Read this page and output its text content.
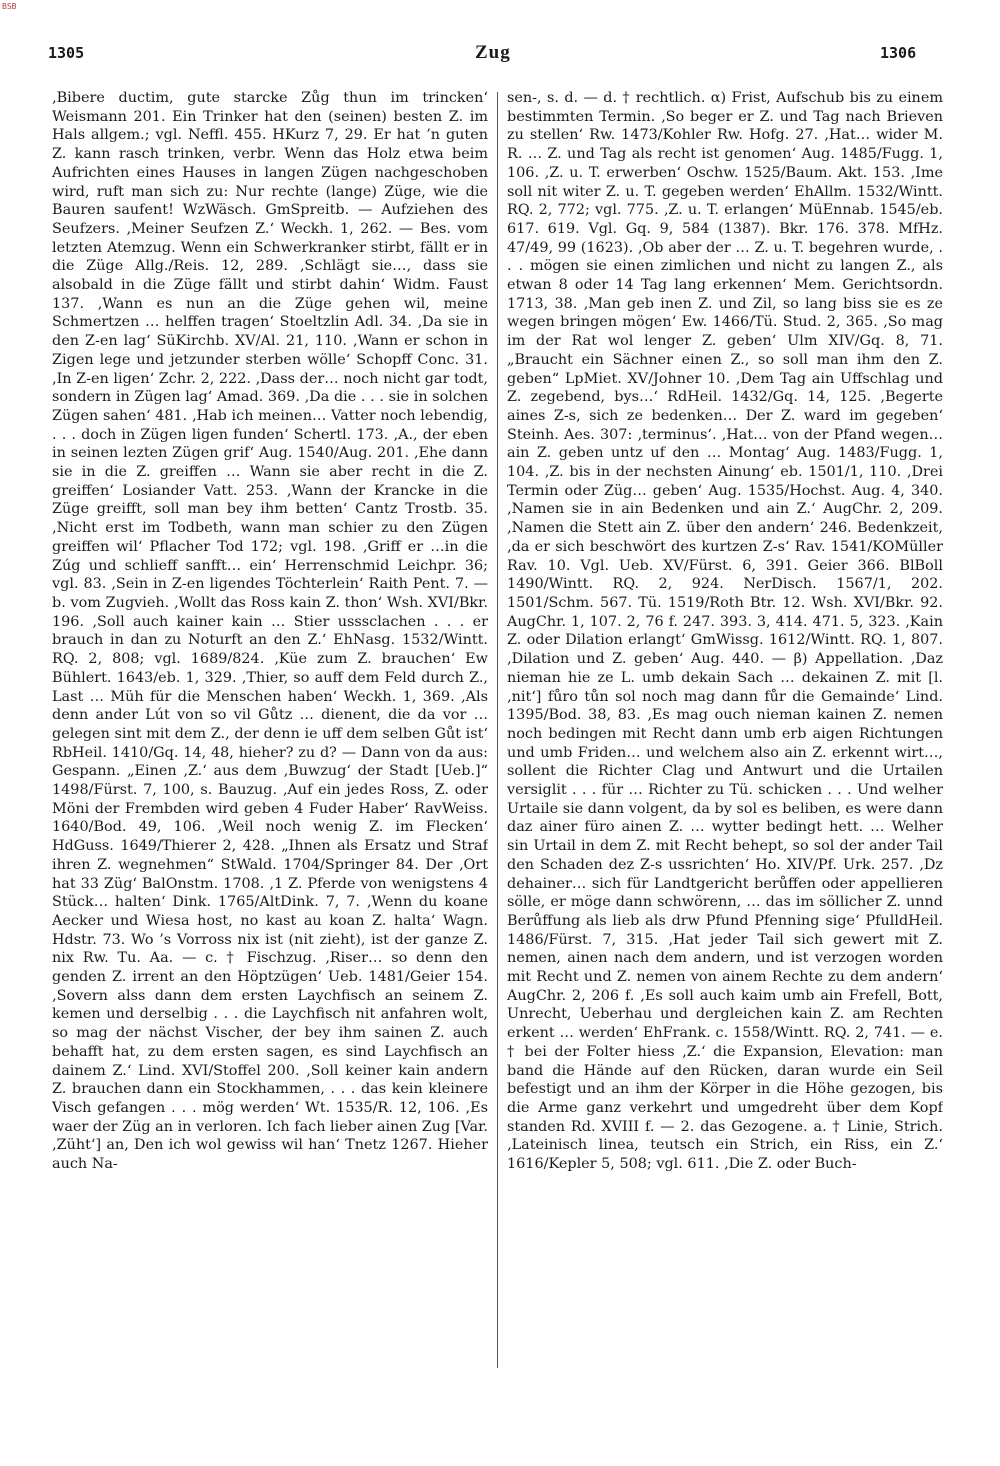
BSB
1305	Zug	1306

‚Bibere ductim, gute starcke Zůg thun im trincken‘ Weismann 201. Ein Trinker hat den (seinen) besten Z. im Hals allgem.; vgl. Neffl. 455. HKurz 7, 29. Er hat ’n guten Z. kann rasch trinken, verbr. Wenn das Holz etwa beim Aufrichten eines Hauses in langen Zügen nachgeschoben wird, ruft man sich zu: Nur rechte (lange) Züge, wie die Bauren saufent! WzWäsch. GmSpreitb. — Aufziehen des Seufzers. ‚Meiner Seufzen Z.‘ Weckh. 1, 262. — Bes. vom letzten Atemzug. Wenn ein Schwerkranker stirbt, fällt er in die Züge Allg./Reis. 12, 289. ‚Schlägt sie…, dass sie alsobald in die Züge fällt und stirbt dahin‘ Widm. Faust 137. ‚Wann es nun an die Züge gehen wil, meine Schmertzen … helffen tragen‘ Stoeltzlin Adl. 34. ‚Da sie in den Z-en lag‘ SüKirchb. XV/Al. 21, 110. ‚Wann er schon in Zigen lege und jetzunder sterben wölle‘ Schopff Conc. 31. ‚In Z-en ligen‘ Zchr. 2, 222. ‚Dass der… noch nicht gar todt, sondern in Zügen lag‘ Amad. 369. ‚Da die . . . sie in solchen Zügen sahen‘ 481. ‚Hab ich meinen… Vatter noch lebendig, . . . doch in Zügen ligen funden‘ Schertl. 173. ‚A., der eben in seinen lezten Zügen grif‘ Aug. 1540/Aug. 201. ‚Ehe dann sie in die Z. greiffen … Wann sie aber recht in die Z. greiffen‘ Losiander Vatt. 253. ‚Wann der Krancke in die Züge greifft, soll man bey ihm betten‘ Cantz Trostb. 35. ‚Nicht erst im Todbeth, wann man schier zu den Zügen greiffen wil‘ Pflacher Tod 172; vgl. 198. ‚Griff er …in die Zúg und schlieff sanfft… ein‘ Herrenschmid Leichpr. 36; vgl. 83. ‚Sein in Z-en ligendes Töchterlein‘ Raith Pent. 7. — b. vom Zugvieh. ‚Wollt das Ross kain Z. thon‘ Wsh. XVI/Bkr. 196. ‚Soll auch kainer kain … Stier usssclachen . . . er brauch in dan zu Noturft an den Z.‘ EhNasg. 1532/Wintt. RQ. 2, 808; vgl. 1689/824. ‚Küe zum Z. brauchen‘ Ew Bühlert. 1643/eb. 1, 329. ‚Thier, so auff dem Feld durch Z., Last … Müh für die Menschen haben‘ Weckh. 1, 369. ‚Als denn ander Lút von so vil Gůtz … dienent, die da vor … gelegen sint mit dem Z., der denn ie uff dem selben Gůt ist‘ RbHeil. 1410/Gq. 14, 48, hieher? zu d? — Dann von da aus: Gespann. „Einen ‚Z.‘ aus dem ‚Buwzug‘ der Stadt [Ueb.]“ 1498/Fürst. 7, 100, s. Bauzug. ‚Auf ein jedes Ross, Z. oder Möni der Frembden wird geben 4 Fuder Haber‘ RavWeiss. 1640/Bod. 49, 106. ‚Weil noch wenig Z. im Flecken‘ HdGuss. 1649/Thierer 2, 428. „Ihnen als Ersatz und Straf ihren Z. wegnehmen“ StWald. 1704/Springer 84. Der ‚Ort hat 33 Züg‘ BalOnstm. 1708. ‚1 Z. Pferde von wenigstens 4 Stück… halten‘ Dink. 1765/AltDink. 7, 7. ‚Wenn du koane Aecker und Wiesa host, no kast au koan Z. halta‘ Wagn. Hdstr. 73. Wo ’s Vorross nix ist (nit zieht), ist der ganze Z. nix Rw. Tu. Aa. — c. † Fischzug. ‚Riser… so denn den genden Z. irrent an den Höptzügen‘ Ueb. 1481/Geier 154. ‚Sovern alss dann dem ersten Laychfisch an seinem Z. kemen und derselbig . . . die Laychfisch nit anfahren wolt, so mag der nächst Vischer, der bey ihm sainen Z. auch behafft hat, zu dem ersten sagen, es sind Laychfisch an dainem Z.‘ Lind. XVI/Stoffel 200. ‚Soll keiner kain andern Z. brauchen dann ein Stockhammen, . . . das kein kleinere Visch gefangen . . . mög werden‘ Wt. 1535/R. 12, 106. ‚Es waer der Züg an in verloren. Ich fach lieber ainen Zug [Var. ‚Züht‘] an, Den ich wol gewiss wil han‘ Tnetz 1267. Hieher auch Na-

sen-, s. d. — d. † rechtlich. α) Frist, Aufschub bis zu einem bestimmten Termin. ‚So beger er Z. und Tag nach Brieven zu stellen‘ Rw. 1473/Kohler Rw. Hofg. 27. ‚Hat… wider M. R. … Z. und Tag als recht ist genomen‘ Aug. 1485/Fugg. 1, 106. ‚Z. u. T. erwerben‘ Oschw. 1525/Baum. Akt. 153. ‚Ime soll nit witer Z. u. T. gegeben werden‘ EhAllm. 1532/Wintt. RQ. 2, 772; vgl. 775. ‚Z. u. T. erlangen‘ MüEnnab. 1545/eb. 617. 619. Vgl. Gq. 9, 584 (1387). Bkr. 176. 378. MfHz. 47/49, 99 (1623). ‚Ob aber der … Z. u. T. begehren wurde, . . . mögen sie einen zimlichen und nicht zu langen Z., als etwan 8 oder 14 Tag lang erkennen‘ Mem. Gerichtsordn. 1713, 38. ‚Man geb inen Z. und Zil, so lang biss sie es ze wegen bringen mögen‘ Ew. 1466/Tü. Stud. 2, 365. ‚So mag im der Rat wol lenger Z. geben‘ Ulm XIV/Gq. 8, 71. „Braucht ein Sächner einen Z., so soll man ihm den Z. geben“ LpMiet. XV/Johner 10. ‚Dem Tag ain Uffschlag und Z. zegebend, bys…‘ RdHeil. 1432/Gq. 14, 125. ‚Begerte aines Z-s, sich ze bedenken… Der Z. ward im gegeben‘ Steinh. Aes. 307: ‚terminus‘. ‚Hat… von der Pfand wegen… ain Z. geben untz uf den … Montag‘ Aug. 1483/Fugg. 1, 104. ‚Z. bis in der nechsten Ainung‘ eb. 1501/1, 110. ‚Drei Termin oder Züg… geben‘ Aug. 1535/Hochst. Aug. 4, 340. ‚Namen sie in ain Bedenken und ain Z.‘ AugChr. 2, 209. ‚Namen die Stett ain Z. über den andern‘ 246. Bedenkzeit, ‚da er sich beschwört des kurtzen Z-s‘ Rav. 1541/KOMüller Rav. 10. Vgl. Ueb. XV/Fürst. 6, 391. Geier 366. BlBoll 1490/Wintt. RQ. 2, 924. NerDisch. 1567/1, 202. 1501/Schm. 567. Tü. 1519/Roth Btr. 12. Wsh. XVI/Bkr. 92. AugChr. 1, 107. 2, 76 f. 247. 393. 3, 414. 471. 5, 323. ‚Kain Z. oder Dilation erlangt‘ GmWissg. 1612/Wintt. RQ. 1, 807. ‚Dilation und Z. geben‘ Aug. 440. — β) Appellation. ‚Daz nieman hie ze L. umb dekain Sach … dekainen Z. mit [l. ‚nit‘] fůro tůn sol noch mag dann fůr die Gemainde‘ Lind. 1395/Bod. 38, 83. ‚Es mag ouch nieman kainen Z. nemen noch bedingen mit Recht dann umb erb aigen Richtungen und umb Friden… und welchem also ain Z. erkennt wirt…, sollent die Richter Clag und Antwurt und die Urtailen versiglit . . . für … Richter zu Tü. schicken . . . Und welher Urtaile sie dann volgent, da by sol es beliben, es were dann daz ainer füro ainen Z. … wytter bedingt hett. … Welher sin Urtail in dem Z. mit Recht behept, so sol der ander Tail den Schaden dez Z-s ussrichten‘ Ho. XIV/Pf. Urk. 257. ‚Dz dehainer… sich für Landtgericht berůffen oder appellieren sölle, er möge dann schwörenn, … das im söllicher Z. unnd Berůffung als lieb als drw Pfund Pfenning sige‘ PfulldHeil. 1486/Fürst. 7, 315. ‚Hat jeder Tail sich gewert mit Z. nemen, ainen nach dem andern, und ist verzogen worden mit Recht und Z. nemen von ainem Rechte zu dem andern‘ AugChr. 2, 206 f. ‚Es soll auch kaim umb ain Frefell, Bott, Unrecht, Ueberhau und dergleichen kain Z. am Rechten erkent … werden‘ EhFrank. c. 1558/Wintt. RQ. 2, 741. — e. † bei der Folter hiess ‚Z.‘ die Expansion, Elevation: man band die Hände auf den Rücken, daran wurde ein Seil befestigt und an ihm der Körper in die Höhe gezogen, bis die Arme ganz verkehrt und umgedreht über dem Kopf standen Rd. XVIII f. — 2. das Gezogene. a. † Linie, Strich. ‚Lateinisch linea, teutsch ein Strich, ein Riss, ein Z.‘ 1616/Kepler 5, 508; vgl. 611. ‚Die Z. oder Buch-
